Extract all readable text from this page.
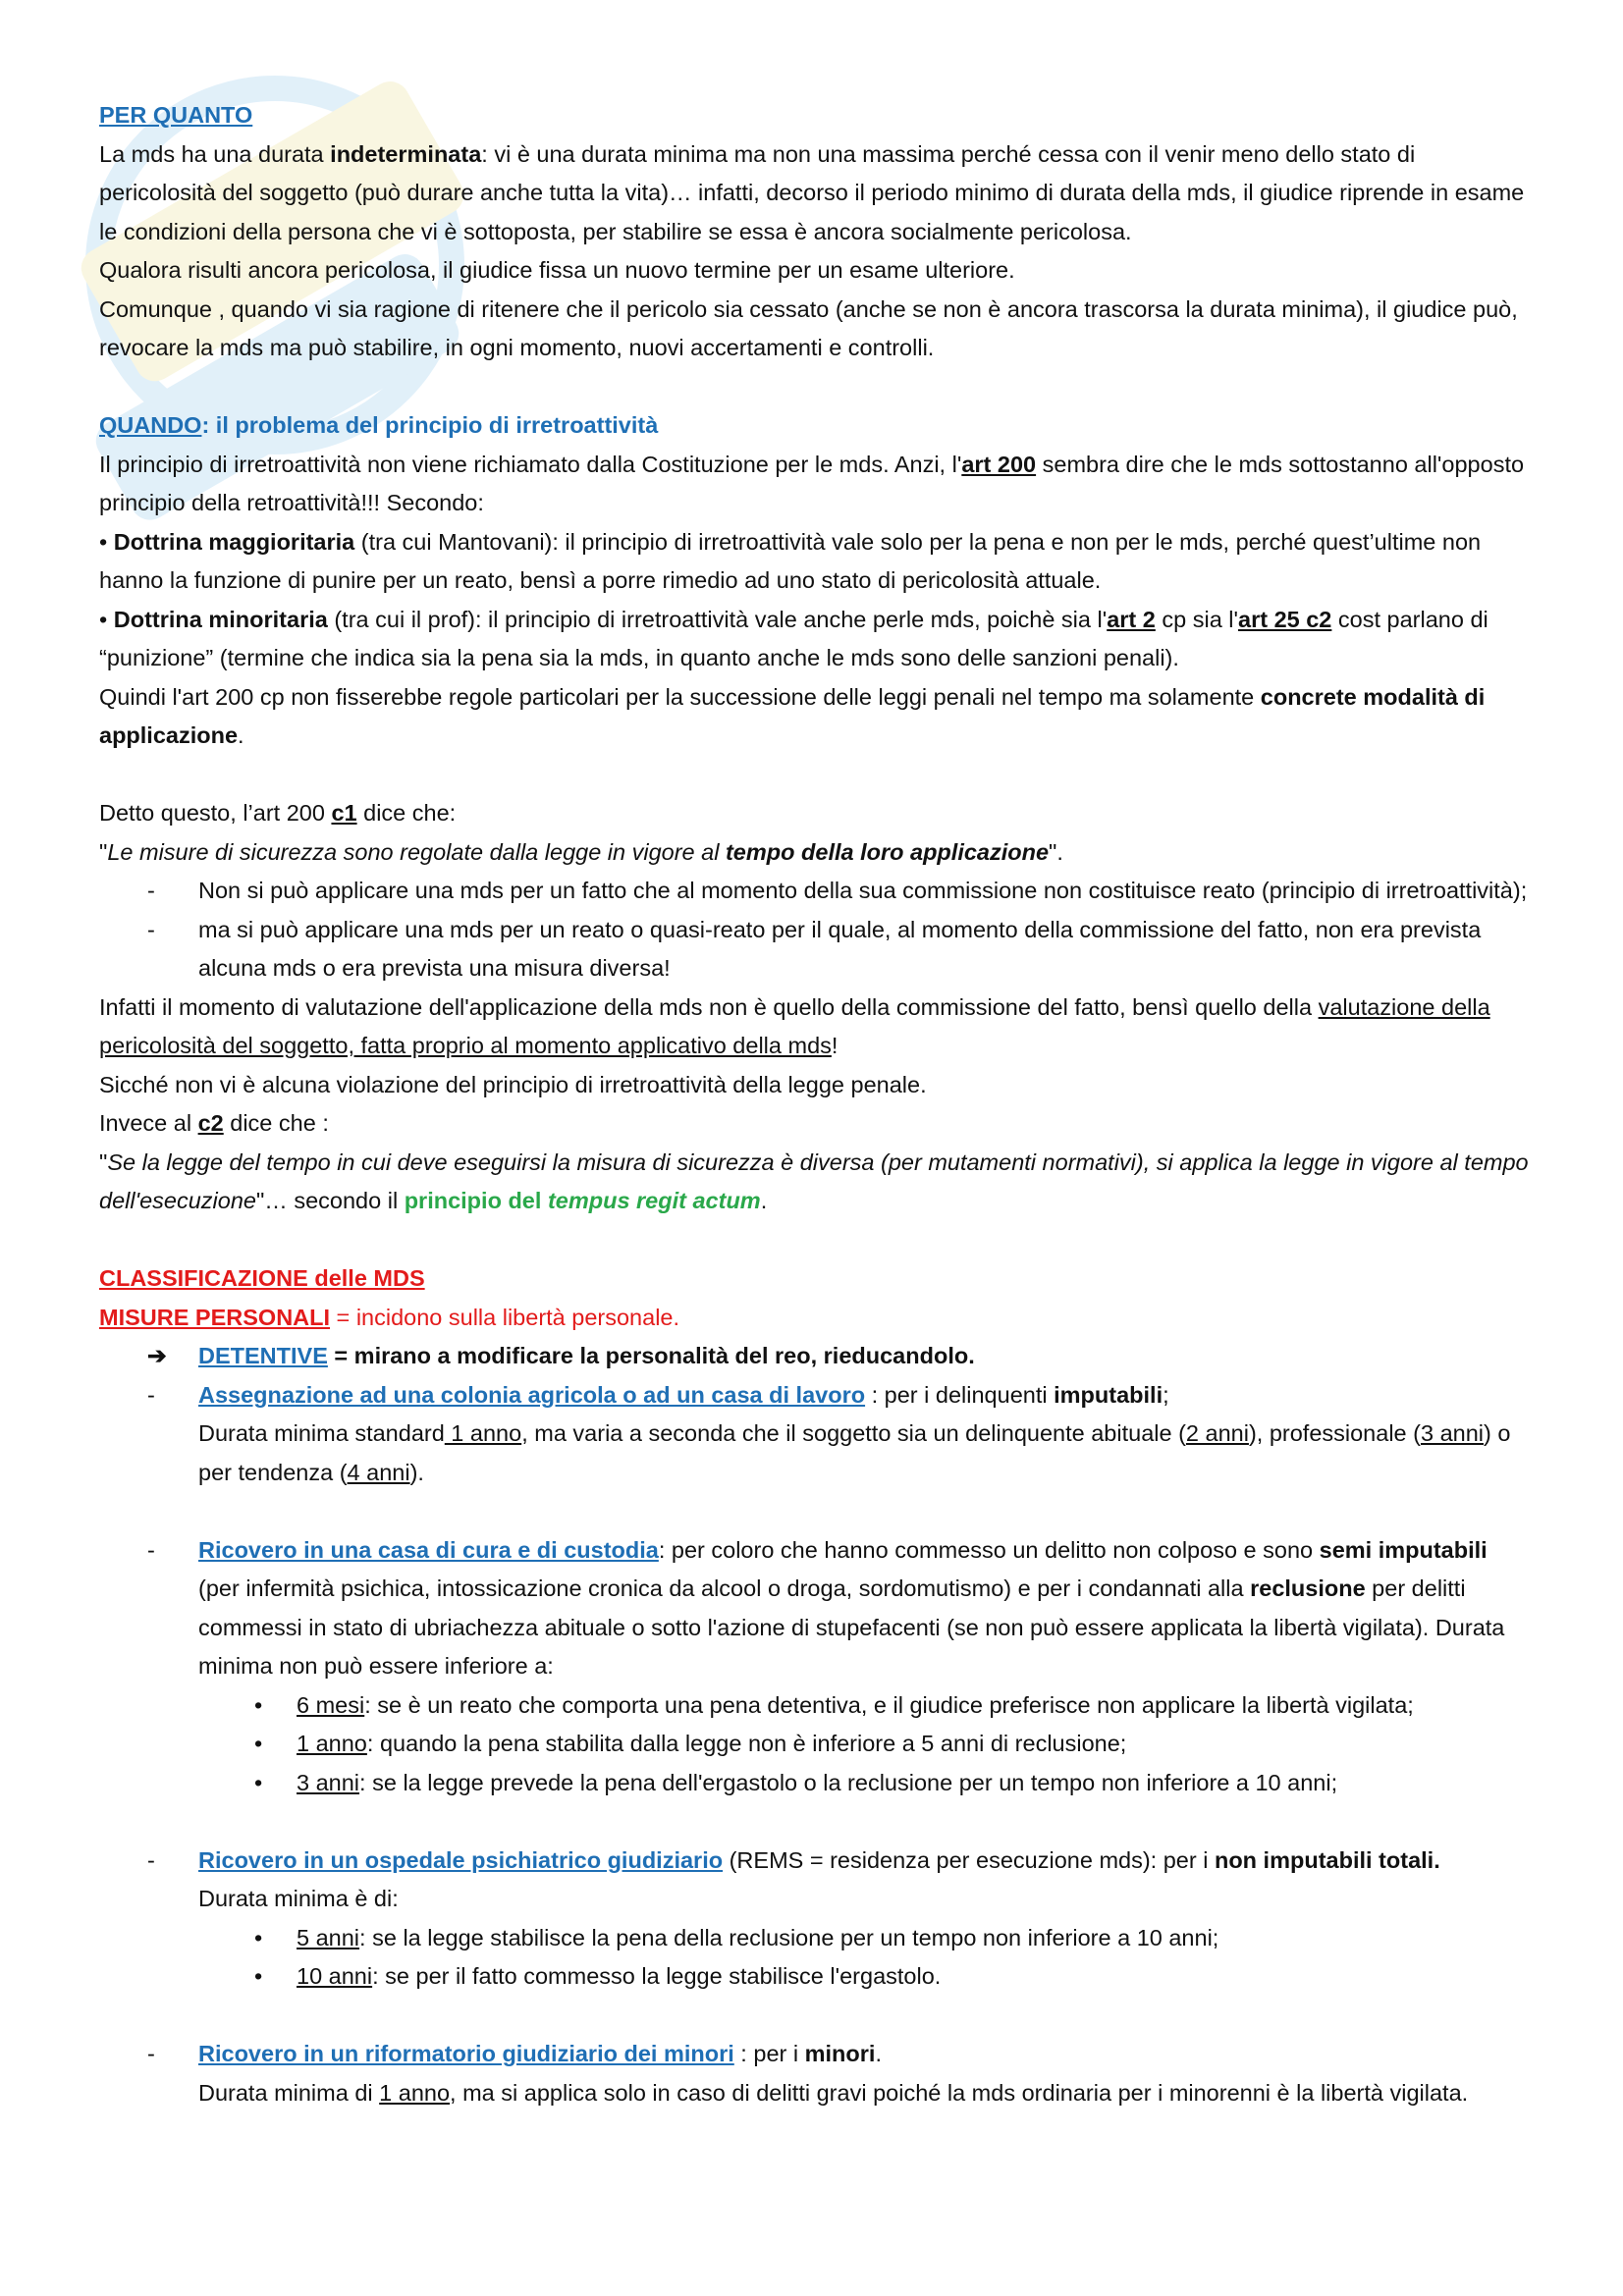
PER QUANTO

La mds ha una durata indeterminata: vi è una durata minima ma non una massima perché cessa con il venir meno dello stato di pericolosità del soggetto (può durare anche tutta la vita)… infatti, decorso il periodo minimo di durata della mds, il giudice riprende in esame le condizioni della persona che vi è sottoposta, per stabilire se essa è ancora socialmente pericolosa.

Qualora risulti ancora pericolosa, il giudice fissa un nuovo termine per un esame ulteriore.

Comunque , quando vi sia ragione di ritenere che il pericolo sia cessato (anche se non è ancora trascorsa la durata minima), il giudice può, revocare la mds ma può stabilire, in ogni momento, nuovi accertamenti e controlli.

QUANDO: il problema del principio di irretroattività

Il principio di irretroattività non viene richiamato dalla Costituzione per le mds. Anzi, l'art 200 sembra dire che le mds sottostanno all'opposto principio della retroattività!!! Secondo:

• Dottrina maggioritaria (tra cui Mantovani): il principio di irretroattività vale solo per la pena e non per le mds, perché quest’ultime non hanno la funzione di punire per un reato, bensì a porre rimedio ad uno stato di pericolosità attuale.

• Dottrina minoritaria (tra cui il prof): il principio di irretroattività vale anche perle mds, poichè sia l'art 2 cp sia l'art 25 c2 cost parlano di “punizione” (termine che indica sia la pena sia la mds, in quanto anche le mds sono delle sanzioni penali).

Quindi l'art 200 cp non fisserebbe regole particolari per la successione delle leggi penali nel tempo ma solamente concrete modalità di applicazione.

Detto questo, l’art 200 c1 dice che:

"Le misure di sicurezza sono regolate dalla legge in vigore al tempo della loro applicazione".

- Non si può applicare una mds per un fatto che al momento della sua commissione non costituisce reato (principio di irretroattività);

- ma si può applicare una mds per un reato o quasi-reato per il quale, al momento della commissione del fatto, non era prevista alcuna mds o era prevista una misura diversa!

Infatti il momento di valutazione dell'applicazione della mds non è quello della commissione del fatto, bensì quello della valutazione della pericolosità del soggetto, fatta proprio al momento applicativo della mds!

Sicché non vi è alcuna violazione del principio di irretroattività della legge penale.

Invece al c2 dice che :

"Se la legge del tempo in cui deve eseguirsi la misura di sicurezza è diversa (per mutamenti normativi), si applica la legge in vigore al tempo dell'esecuzione"… secondo il principio del tempus regit actum.

CLASSIFICAZIONE delle MDS

MISURE PERSONALI = incidono sulla libertà personale.

➔ DETENTIVE = mirano a modificare la personalità del reo, rieducandolo.

- Assegnazione ad una colonia agricola o ad un casa di lavoro : per i delinquenti imputabili;

Durata minima standard 1 anno, ma varia a seconda che il soggetto sia un delinquente abituale (2 anni), professionale (3 anni) o per tendenza (4 anni).

- Ricovero in una casa di cura e di custodia: per coloro che hanno commesso un delitto non colposo e sono semi imputabili (per infermità psichica, intossicazione cronica da alcool o droga, sordomutismo) e per i condannati alla reclusione per delitti commessi in stato di ubriachezza abituale o sotto l'azione di stupefacenti (se non può essere applicata la libertà vigilata). Durata minima non può essere inferiore a:

• 6 mesi: se è un reato che comporta una pena detentiva, e il giudice preferisce non applicare la libertà vigilata;

• 1 anno: quando la pena stabilita dalla legge non è inferiore a 5 anni di reclusione;

• 3 anni: se la legge prevede la pena dell'ergastolo o la reclusione per un tempo non inferiore a 10 anni;

- Ricovero in un ospedale psichiatrico giudiziario (REMS = residenza per esecuzione mds): per i non imputabili totali.

Durata minima è di:

• 5 anni: se la legge stabilisce la pena della reclusione per un tempo non inferiore a 10 anni;

• 10 anni: se per il fatto commesso la legge stabilisce l'ergastolo.

- Ricovero in un riformatorio giudiziario dei minori : per i minori.

Durata minima di 1 anno, ma si applica solo in caso di delitti gravi poiché la mds ordinaria per i minorenni è la libertà vigilata.
